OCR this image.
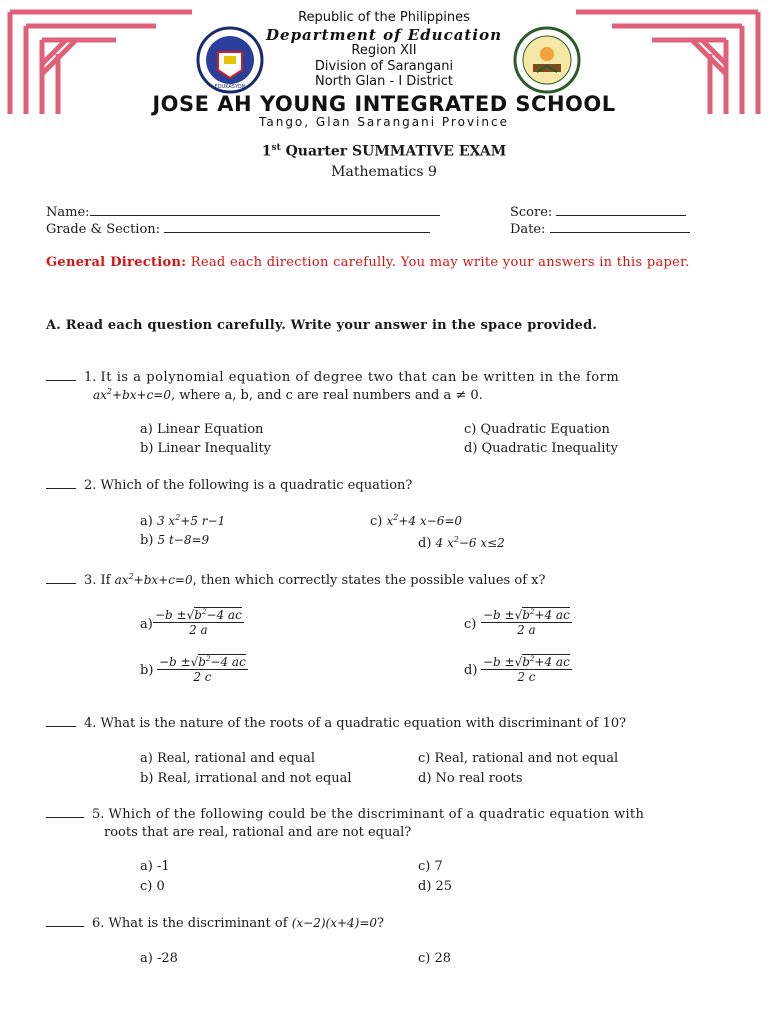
EDUKASYON
Republic of the Philippines
Department of Education
Region XII
Division of Sarangani
North Glan - I District
JOSE AH YOUNG INTEGRATED SCHOOL
Tango, Glan Sarangani Province
1st Quarter SUMMATIVE EXAM
Mathematics 9
Name:
Grade & Section:
Score:
Date:
General Direction: Read each direction carefully. You may write your answers in this paper.
A. Read each question carefully. Write your answer in the space provided.
1. It is a polynomial equation of degree two that can be written in the form
$ax^2+bx+c=0$, where a, b, and c are real numbers and a ≠ 0.
a) Linear Equation
b) Linear Inequality
c) Quadratic Equation
d) Quadratic Inequality
2. Which of the following is a quadratic equation?
a) 3 $x^2+5$ r−1
b) 5 t−8=9
c) $x^2+4$ x−6=0
d) 4 $x^2-6$ x≤2
3. If $ax^2+bx+c=0$, then which correctly states the possible values of x?
$a) \frac{-b \pm√b^2-4 ac}{2 a}$
$b) \frac{-b \pm√b^2-4 ac}{2 c}$
$c) \frac{-b \pm√b^2+4 ac}{2 a}$
$d) \frac{-b \pm√b^2+4 ac}{2 c}$
4. What is the nature of the roots of a quadratic equation with discriminant of 10?
a) Real, rational and equal
b) Real, irrational and not equal
c) Real, rational and not equal
d) No real roots
5. Which of the following could be the discriminant of a quadratic equation with
roots that are real, rational and are not equal?
a) -1
c) 0
c) 7
d) 25
6. What is the discriminant of (x−2)(x+4)=0?
a) -28	c) 28
